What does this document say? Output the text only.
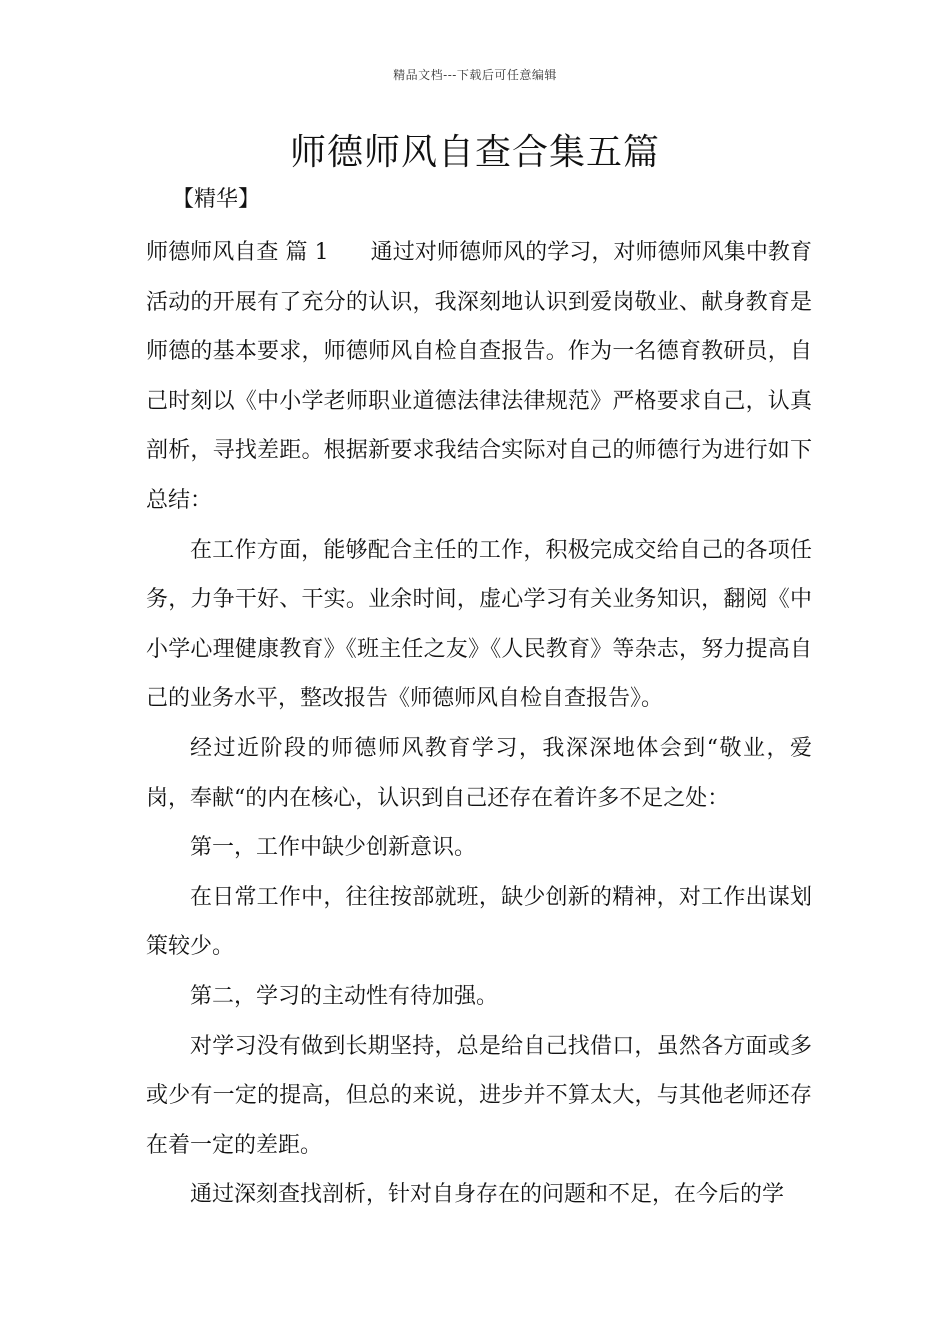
精品文档---下载后可任意编辑
师德师风自查合集五篇
【精华】

师德师风自查 篇 1 通过对师德师风的学习，对师德师风集中教育活动的开展有了充分的认识，我深刻地认识到爱岗敬业、献身教育是师德的基本要求，师德师风自检自查报告。作为一名德育教研员，自己时刻以《中小学老师职业道德法律法律规范》严格要求自己，认真剖析，寻找差距。根据新要求我结合实际对自己的师德行为进行如下总结：

在工作方面，能够配合主任的工作，积极完成交给自己的各项任务，力争干好、干实。业余时间，虚心学习有关业务知识，翻阅《中小学心理健康教育》《班主任之友》《人民教育》等杂志，努力提高自己的业务水平，整改报告《师德师风自检自查报告》。

经过近阶段的师德师风教育学习，我深深地体会到“敬业，爱岗，奉献“的内在核心，认识到自己还存在着许多不足之处：

第一，工作中缺少创新意识。

在日常工作中，往往按部就班，缺少创新的精神，对工作出谋划策较少。

第二，学习的主动性有待加强。

对学习没有做到长期坚持，总是给自己找借口，虽然各方面或多或少有一定的提高，但总的来说，进步并不算太大，与其他老师还存在着一定的差距。

通过深刻查找剖析，针对自身存在的问题和不足，在今后的学
